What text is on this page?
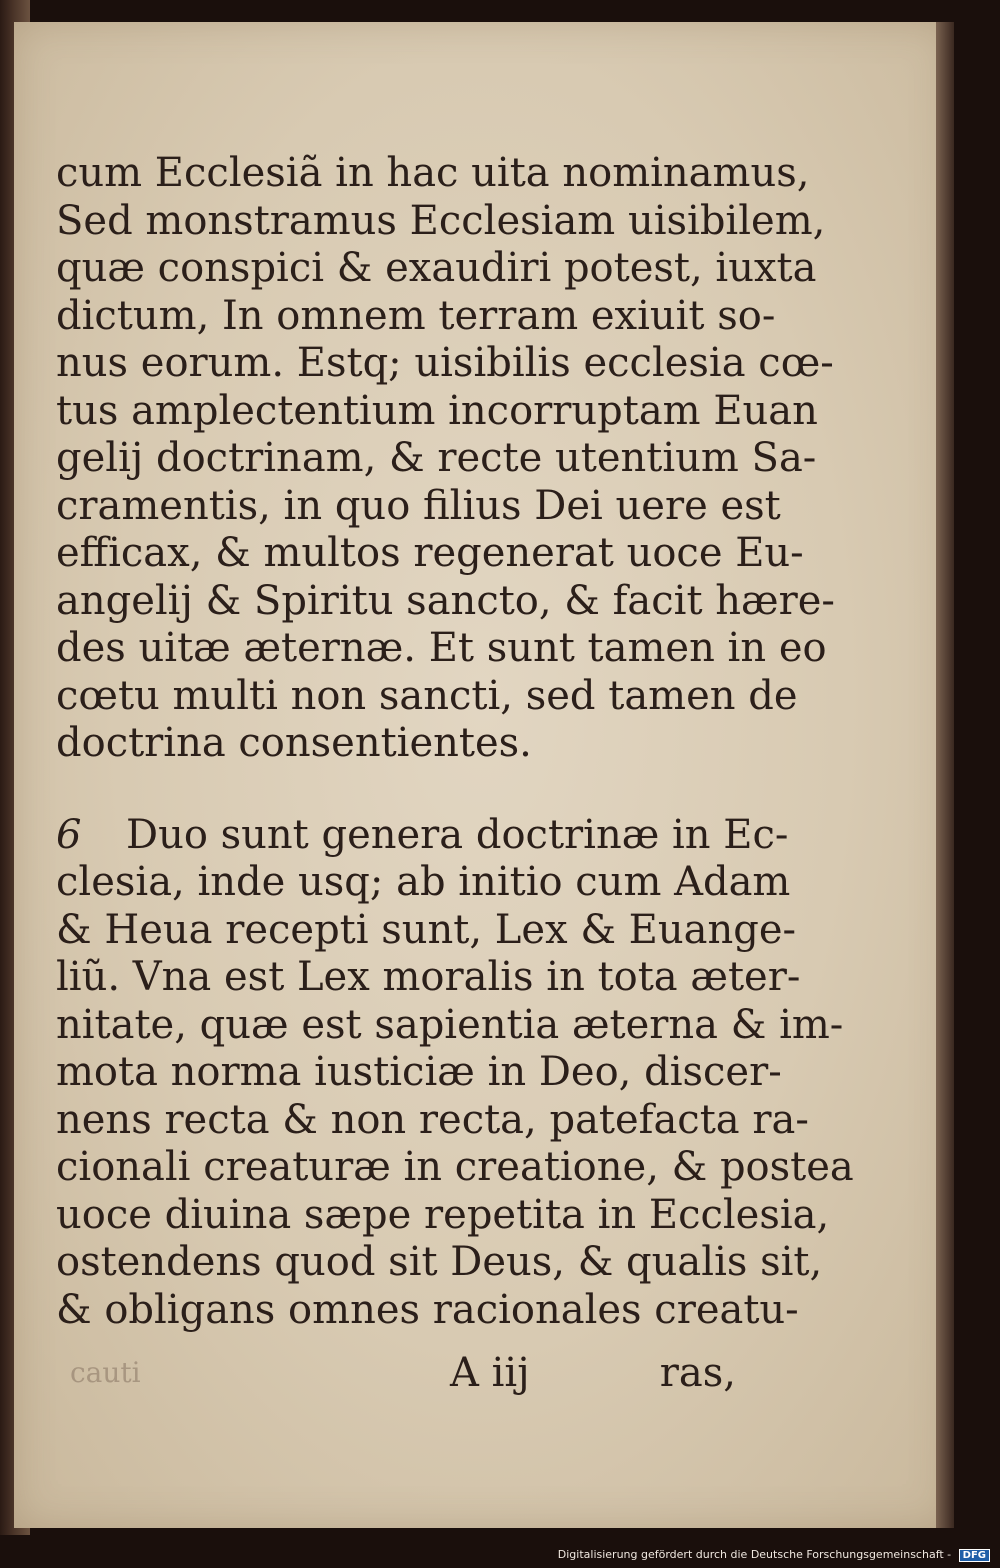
cum Ecclesiã in hac uita nominamus,
Sed monstramus Ecclesiam uisibilem,
quæ conspici & exaudiri potest, iuxta
dictum, In omnem terram exiuit so-
nus eorum. Estq; uisibilis ecclesia cœ-
tus amplectentium incorruptam Euan
gelij doctrinam, & recte utentium Sa-
cramentis, in quo filius Dei uere est
efficax, & multos regenerat uoce Eu-
angelij & Spiritu sancto, & facit hære-
des uitæ æternæ. Et sunt tamen in eo
cœtu multi non sancti, sed tamen de
doctrina consentientes.
6 Duo sunt genera doctrinæ in Ec-
clesia, inde usq; ab initio cum Adam
& Heua recepti sunt, Lex & Euange-
liũ. Vna est Lex moralis in tota æter-
nitate, quæ est sapientia æterna & im-
mota norma iusticiæ in Deo, discer-
nens recta & non recta, patefacta ra-
cionali creaturæ in creatione, & postea
uoce diuina sæpe repetita in Ecclesia,
ostendens quod sit Deus, & qualis sit,
& obligans omnes racionales creatu-
cauti	A iij	ras,
Digitalisierung gefördert durch die Deutsche Forschungsgemeinschaft - DFG
